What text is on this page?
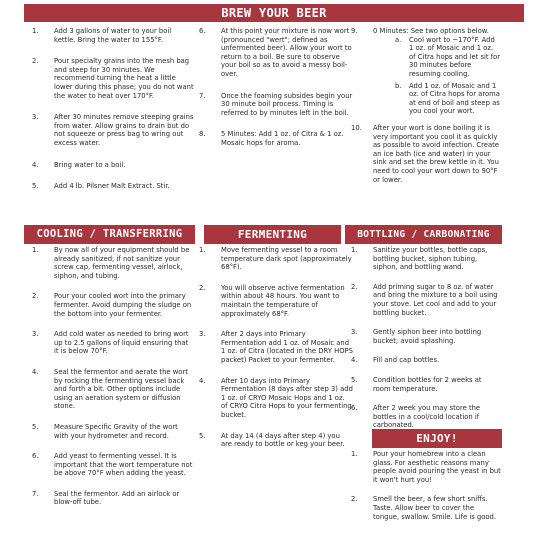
BREW YOUR BEER
1. Add 3 gallons of water to your boil kettle. Bring the water to 155°F.
2. Pour specialty grains into the mesh bag and steep for 30 minutes. We recommend turning the heat a little lower during this phase; you do not want the water to heat over 170°F.
3. After 30 minutes remove steeping grains from water. Allow grains to drain but do not squeeze or press bag to wring out excess water.
4. Bring water to a boil.
5. Add 4 lb. Pilsner Malt Extract. Stir.
6. At this point your mixture is now wort (pronounced "wert"; defined as unfermented beer). Allow your wort to return to a boil. Be sure to observe your boil so as to avoid a messy boil-over.
7. Once the foaming subsides begin your 30 minute boil process. Timing is referred to by minutes left in the boil.
8. 5 Minutes: Add 1 oz. of Citra & 1 oz. Mosaic hops for aroma.
9. 0 Minutes: See two options below.
a. Cool wort to ~170°F. Add 1 oz. of Mosaic and 1 oz. of Citra hops and let sit for 30 minutes before resuming cooling.
b. Add 1 oz. of Mosaic and 1 oz. of Citra hops for aroma at end of boil and steep as you cool your wort.
10. After your wort is done boiling it is very important you cool it as quickly as possible to avoid infection. Create an ice bath (ice and water) in your sink and set the brew kettle in it. You need to cool your wort down to 90°F or lower.
COOLING / TRANSFERRING
1. By now all of your equipment should be already sanitized; if not sanitize your screw cap, fermenting vessel, airlock, siphon, and tubing.
2. Pour your cooled wort into the primary fermenter. Avoid dumping the sludge on the bottom into your fermenter.
3. Add cold water as needed to bring wort up to 2.5 gallons of liquid ensuring that it is below 70°F.
4. Seal the fermentor and aerate the wort by rocking the fermenting vessel back and forth a bit. Other options include using an aeration system or diffusion stone.
5. Measure Specific Gravity of the wort with your hydrometer and record.
6. Add yeast to fermenting vessel. It is important that the wort temperature not be above 70°F when adding the yeast.
7. Seal the fermentor. Add an airlock or blow-off tube.
FERMENTING
1. Move fermenting vessel to a room temperature dark spot (approximately 68°F).
2. You will observe active fermentation within about 48 hours. You want to maintain the temperature of approximately 68°F.
3. After 2 days into Primary Fermentation add 1 oz. of Mosaic and 1 oz. of Citra (located in the DRY HOPS packet) Packet to your fermenter.
4. After 10 days into Primary Fermentation (8 days after step 3) add 1 oz. of CRYO Mosaic Hops and 1 oz. of CRYO Citra Hops to your fermenting bucket.
5. At day 14 (4 days after step 4) you are ready to bottle or keg your beer.
BOTTLING / CARBONATING
1. Sanitize your bottles, bottle caps, bottling bucket, siphon tubing, siphon, and bottling wand.
2. Add priming sugar to 8 oz. of water and bring the mixture to a boil using your stove. Let cool and add to your bottling bucket.
3. Gently siphon beer into bottling bucket; avoid splashing.
4. Fill and cap bottles.
5. Condition bottles for 2 weeks at room temperature.
6. After 2 week you may store the bottles in a cool/cold location if carbonated.
ENJOY!
1. Pour your homebrew into a clean glass. For aesthetic reasons many people avoid pouring the yeast in but it won't hurt you!
2. Smell the beer, a few short sniffs. Taste. Allow beer to cover the tongue, swallow. Smile. Life is good.
